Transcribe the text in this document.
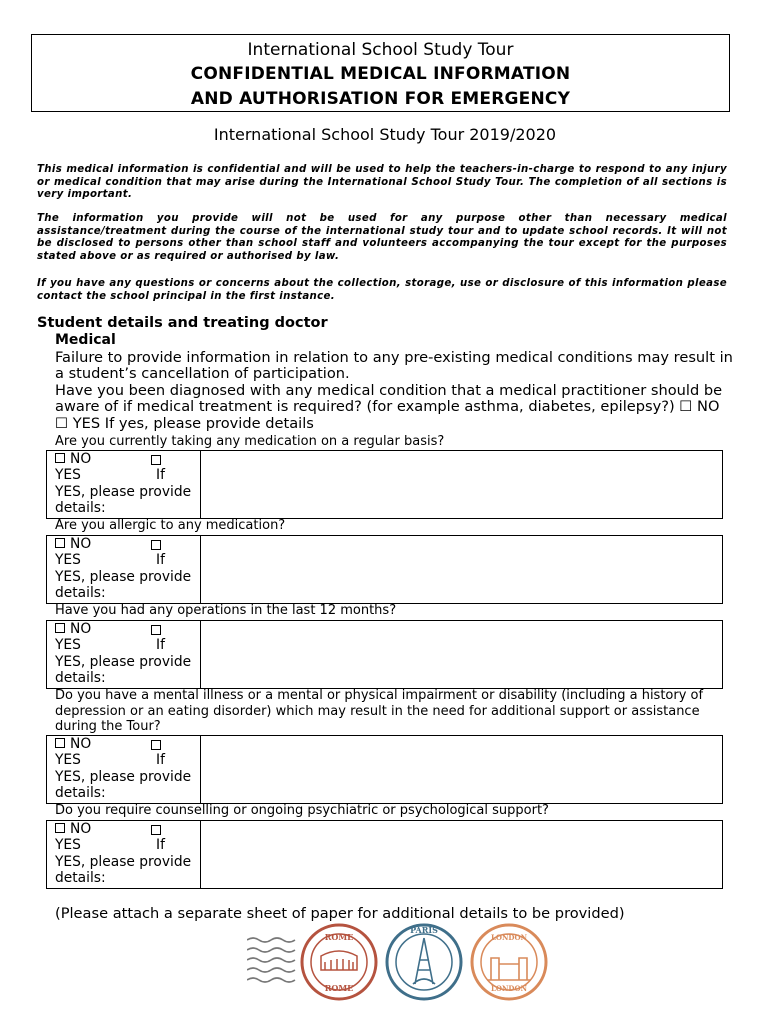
International School Study Tour
CONFIDENTIAL MEDICAL INFORMATION
AND AUTHORISATION FOR EMERGENCY
International School Study Tour 2019/2020
This medical information is confidential and will be used to help the teachers-in-charge to respond to any injury or medical condition that may arise during the International School Study Tour. The completion of all sections is very important.
The information you provide will not be used for any purpose other than necessary medical assistance/treatment during the course of the international study tour and to update school records. It will not be disclosed to persons other than school staff and volunteers accompanying the tour except for the purposes stated above or as required or authorised by law.
If you have any questions or concerns about the collection, storage, use or disclosure of this information please contact the school principal in the first instance.
Student details and treating doctor
Medical
Failure to provide information in relation to any pre-existing medical conditions may result in a student’s cancellation of participation.
Have you been diagnosed with any medical condition that a medical practitioner should be aware of if medical treatment is required? (for example asthma, diabetes, epilepsy?) ☐ NO ☐ YES If yes, please provide details
Are you currently taking any medication on a regular basis?
NO
YES	If
YES, please provide details:
Are you allergic to any medication?
NO
YES	If
YES, please provide details:
Have you had any operations in the last 12 months?
NO
YES	If
YES, please provide details:
Do you have a mental illness or a mental or physical impairment or disability (including a history of depression or an eating disorder) which may result in the need for additional support or assistance during the Tour?
NO
YES	If
YES, please provide details:
Do you require counselling or ongoing psychiatric or psychological support?
NO
YES	If
YES, please provide details:
(Please attach a separate sheet of paper for additional details to be provided)
ROME
ROME
PARIS
LONDON
LONDON
